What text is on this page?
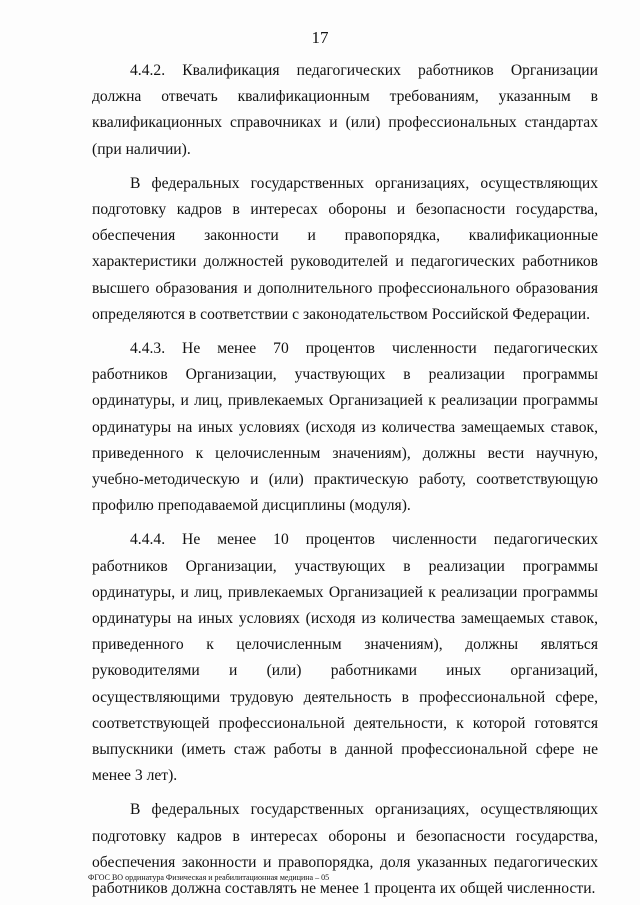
17

4.4.2. Квалификация педагогических работников Организации должна отвечать квалификационным требованиям, указанным в квалификационных справочниках и (или) профессиональных стандартах (при наличии).

В федеральных государственных организациях, осуществляющих подготовку кадров в интересах обороны и безопасности государства, обеспечения законности и правопорядка, квалификационные характеристики должностей руководителей и педагогических работников высшего образования и дополнительного профессионального образования определяются в соответствии с законодательством Российской Федерации.

4.4.3. Не менее 70 процентов численности педагогических работников Организации, участвующих в реализации программы ординатуры, и лиц, привлекаемых Организацией к реализации программы ординатуры на иных условиях (исходя из количества замещаемых ставок, приведенного к целочисленным значениям), должны вести научную, учебно-методическую и (или) практическую работу, соответствующую профилю преподаваемой дисциплины (модуля).

4.4.4. Не менее 10 процентов численности педагогических работников Организации, участвующих в реализации программы ординатуры, и лиц, привлекаемых Организацией к реализации программы ординатуры на иных условиях (исходя из количества замещаемых ставок, приведенного к целочисленным значениям), должны являться руководителями и (или) работниками иных организаций, осуществляющими трудовую деятельность в профессиональной сфере, соответствующей профессиональной деятельности, к которой готовятся выпускники (иметь стаж работы в данной профессиональной сфере не менее 3 лет).

В федеральных государственных организациях, осуществляющих подготовку кадров в интересах обороны и безопасности государства, обеспечения законности и правопорядка, доля указанных педагогических работников должна составлять не менее 1 процента их общей численности.

ФГОС ВО ординатура Физическая и реабилитационная медицина – 05
